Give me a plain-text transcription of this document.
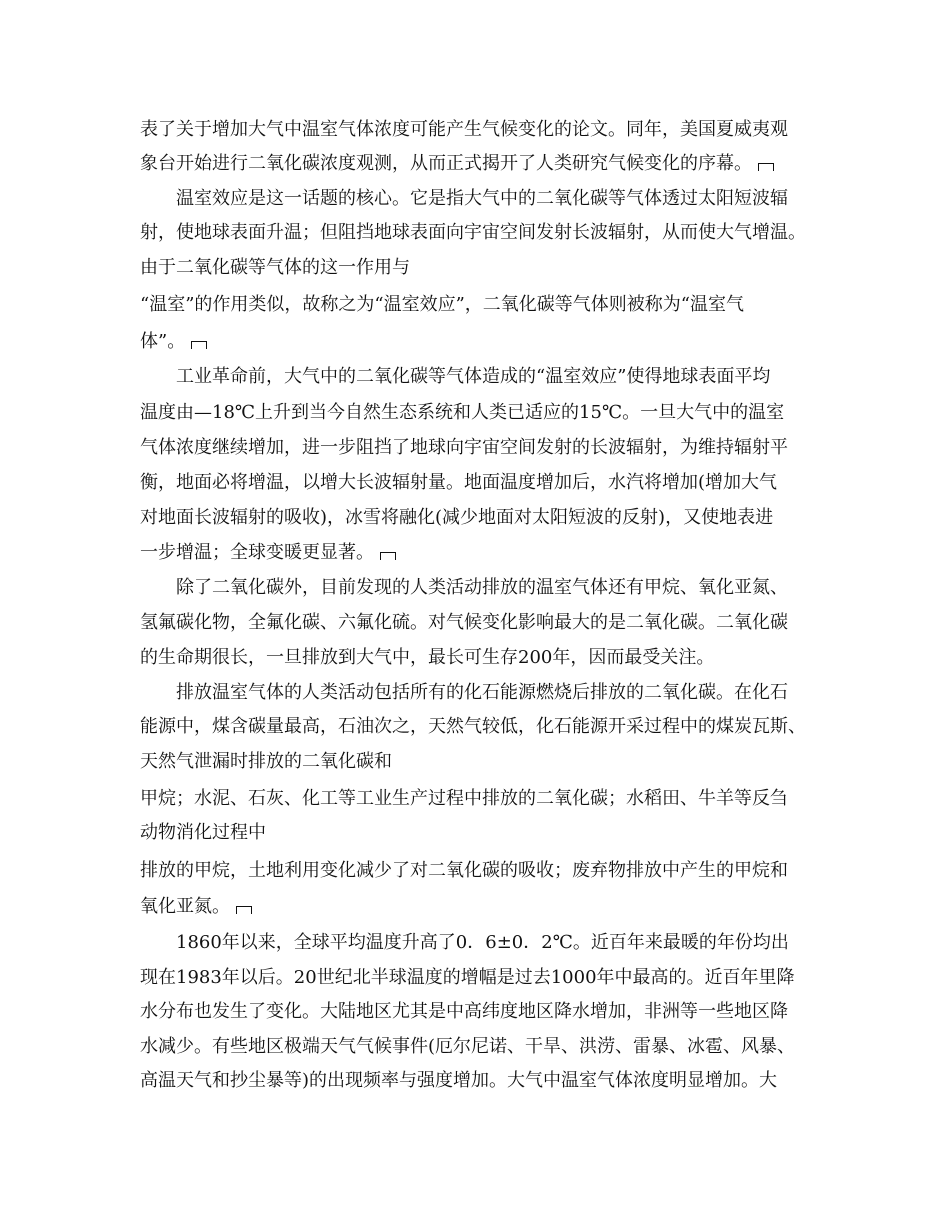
表了关于增加大气中温室气体浓度可能产生气候变化的论文。同年，美国夏威夷观
象台开始进行二氧化碳浓度观测，从而正式揭开了人类研究气候变化的序幕。
温室效应是这一话题的核心。它是指大气中的二氧化碳等气体透过太阳短波辐
射，使地球表面升温；但阻挡地球表面向宇宙空间发射长波辐射，从而使大气增温。
由于二氧化碳等气体的这一作用与
“温室”的作用类似，故称之为“温室效应”，二氧化碳等气体则被称为“温室气
体”。
工业革命前，大气中的二氧化碳等气体造成的“温室效应”使得地球表面平均
温度由—18℃上升到当今自然生态系统和人类已适应的15℃。一旦大气中的温室
气体浓度继续增加，进一步阻挡了地球向宇宙空间发射的长波辐射，为维持辐射平
衡，地面必将增温，以增大长波辐射量。地面温度增加后，水汽将增加(增加大气
对地面长波辐射的吸收)，冰雪将融化(减少地面对太阳短波的反射)，又使地表进
一步增温；全球变暖更显著。
除了二氧化碳外，目前发现的人类活动排放的温室气体还有甲烷、氧化亚氮、
氢氟碳化物，全氟化碳、六氟化硫。对气候变化影响最大的是二氧化碳。二氧化碳
的生命期很长，一旦排放到大气中，最长可生存200年，因而最受关注。
排放温室气体的人类活动包括所有的化石能源燃烧后排放的二氧化碳。在化石
能源中，煤含碳量最高，石油次之，天然气较低，化石能源开采过程中的煤炭瓦斯、
天然气泄漏时排放的二氧化碳和
甲烷；水泥、石灰、化工等工业生产过程中排放的二氧化碳；水稻田、牛羊等反刍
动物消化过程中
排放的甲烷，土地利用变化减少了对二氧化碳的吸收；废弃物排放中产生的甲烷和
氧化亚氮。
1860年以来，全球平均温度升高了0．6±0．2℃。近百年来最暖的年份均出
现在1983年以后。20世纪北半球温度的增幅是过去1000年中最高的。近百年里降
水分布也发生了变化。大陆地区尤其是中高纬度地区降水增加，非洲等一些地区降
水减少。有些地区极端天气气候事件(厄尔尼诺、干旱、洪涝、雷暴、冰雹、风暴、
高温天气和抄尘暴等)的出现频率与强度增加。大气中温室气体浓度明显增加。大
